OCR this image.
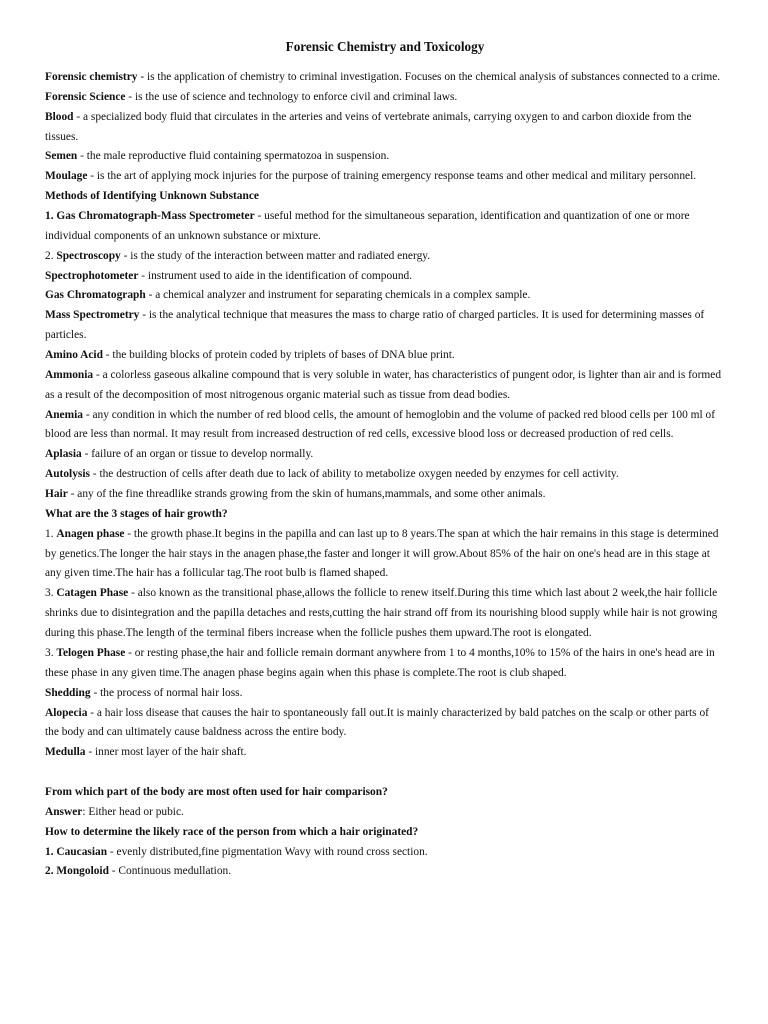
Forensic Chemistry and Toxicology

Forensic chemistry - is the application of chemistry to criminal investigation. Focuses on the chemical analysis of substances connected to a crime.

Forensic Science - is the use of science and technology to enforce civil and criminal laws.

Blood - a specialized body fluid that circulates in the arteries and veins of vertebrate animals, carrying oxygen to and carbon dioxide from the tissues.

Semen - the male reproductive fluid containing spermatozoa in suspension.

Moulage - is the art of applying mock injuries for the purpose of training emergency response teams and other medical and military personnel.

Methods of Identifying Unknown Substance

1. Gas Chromatograph-Mass Spectrometer - useful method for the simultaneous separation, identification and quantization of one or more individual components of an unknown substance or mixture.

2. Spectroscopy - is the study of the interaction between matter and radiated energy.

Spectrophotometer - instrument used to aide in the identification of compound.

Gas Chromatograph - a chemical analyzer and instrument for separating chemicals in a complex sample.

Mass Spectrometry - is the analytical technique that measures the mass to charge ratio of charged particles. It is used for determining masses of particles.

Amino Acid - the building blocks of protein coded by triplets of bases of DNA blue print.

Ammonia - a colorless gaseous alkaline compound that is very soluble in water, has characteristics of pungent odor, is lighter than air and is formed as a result of the decomposition of most nitrogenous organic material such as tissue from dead bodies.

Anemia - any condition in which the number of red blood cells, the amount of hemoglobin and the volume of packed red blood cells per 100 ml of blood are less than normal. It may result from increased destruction of red cells, excessive blood loss or decreased production of red cells.

Aplasia - failure of an organ or tissue to develop normally.

Autolysis - the destruction of cells after death due to lack of ability to metabolize oxygen needed by enzymes for cell activity.

Hair - any of the fine threadlike strands growing from the skin of humans,mammals, and some other animals.

What are the 3 stages of hair growth?

1. Anagen phase - the growth phase.It begins in the papilla and can last up to 8 years.The span at which the hair remains in this stage is determined by genetics.The longer the hair stays in the anagen phase,the faster and longer it will grow.About 85% of the hair on one's head are in this stage at any given time.The hair has a follicular tag.The root bulb is flamed shaped.

3. Catagen Phase - also known as the transitional phase,allows the follicle to renew itself.During this time which last about 2 week,the hair follicle shrinks due to disintegration and the papilla detaches and rests,cutting the hair strand off from its nourishing blood supply while hair is not growing during this phase.The length of the terminal fibers increase when the follicle pushes them upward.The root is elongated.

3. Telogen Phase - or resting phase,the hair and follicle remain dormant anywhere from 1 to 4 months,10% to 15% of the hairs in one's head are in these phase in any given time.The anagen phase begins again when this phase is complete.The root is club shaped.

Shedding - the process of normal hair loss.

Alopecia - a hair loss disease that causes the hair to spontaneously fall out.It is mainly characterized by bald patches on the scalp or other parts of the body and can ultimately cause baldness across the entire body.

Medulla - inner most layer of the hair shaft.

From which part of the body are most often used for hair comparison?

Answer: Either head or pubic.

How to determine the likely race of the person from which a hair originated?

1. Caucasian - evenly distributed,fine pigmentation Wavy with round cross section.

2. Mongoloid - Continuous medullation.
